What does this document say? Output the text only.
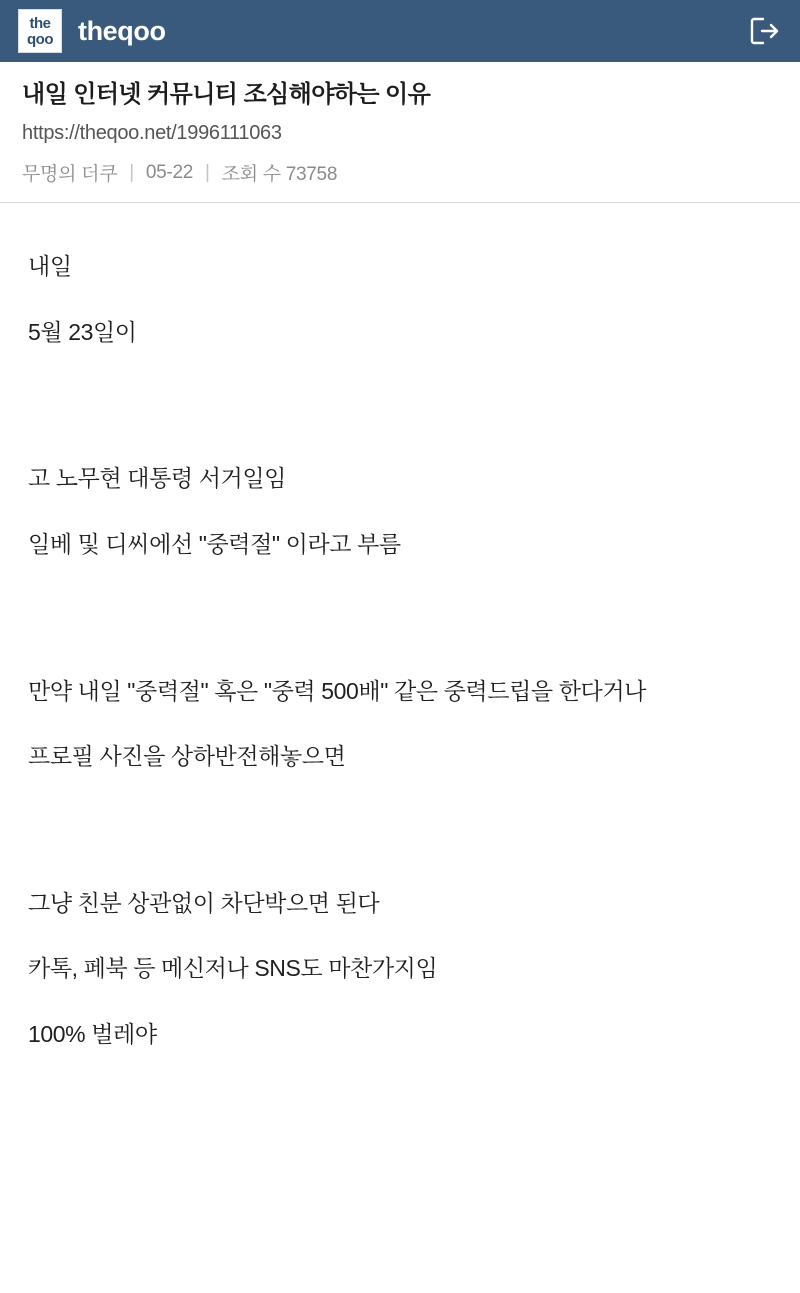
the
qoo theqoo
내일 인터넷 커뮤니티 조심해야하는 이유
https://theqoo.net/1996111063
무명의 더쿠 | 05-22 | 조회 수 73758

내일

5월 23일이

고 노무현 대통령 서거일임

일베 및 디씨에선 "중력절" 이라고 부름

만약 내일 "중력절" 혹은 "중력 500배" 같은 중력드립을 한다거나

프로필 사진을 상하반전해놓으면

그냥 친분 상관없이 차단박으면 된다

카톡, 페북 등 메신저나 SNS도 마찬가지임

100% 벌레야
